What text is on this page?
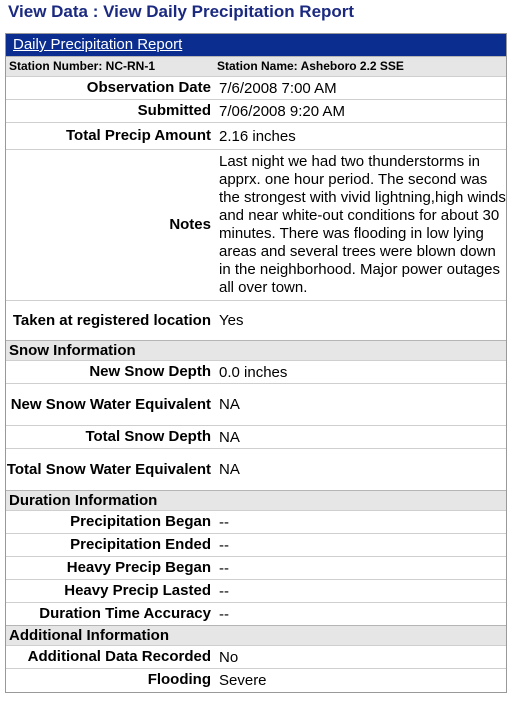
View Data : View Daily Precipitation Report
Daily Precipitation Report
Station Number: NC-RN-1	Station Name: Asheboro 2.2 SSE
Observation Date	7/6/2008 7:00 AM
Submitted	7/06/2008 9:20 AM
Total Precip Amount	2.16 inches
Notes	Last night we had two thunderstorms in apprx. one hour period. The second was the strongest with vivid lightning,high winds and near white-out conditions for about 30 minutes. There was flooding in low lying areas and several trees were blown down in the neighborhood. Major power outages all over town.
Taken at registered location	Yes
Snow Information	
New Snow Depth	0.0 inches
New Snow Water Equivalent	NA
Total Snow Depth	NA
Total Snow Water Equivalent	NA
Duration Information	
Precipitation Began	--
Precipitation Ended	--
Heavy Precip Began	--
Heavy Precip Lasted	--
Duration Time Accuracy	--
Additional Information	
Additional Data Recorded	No
Flooding	Severe
